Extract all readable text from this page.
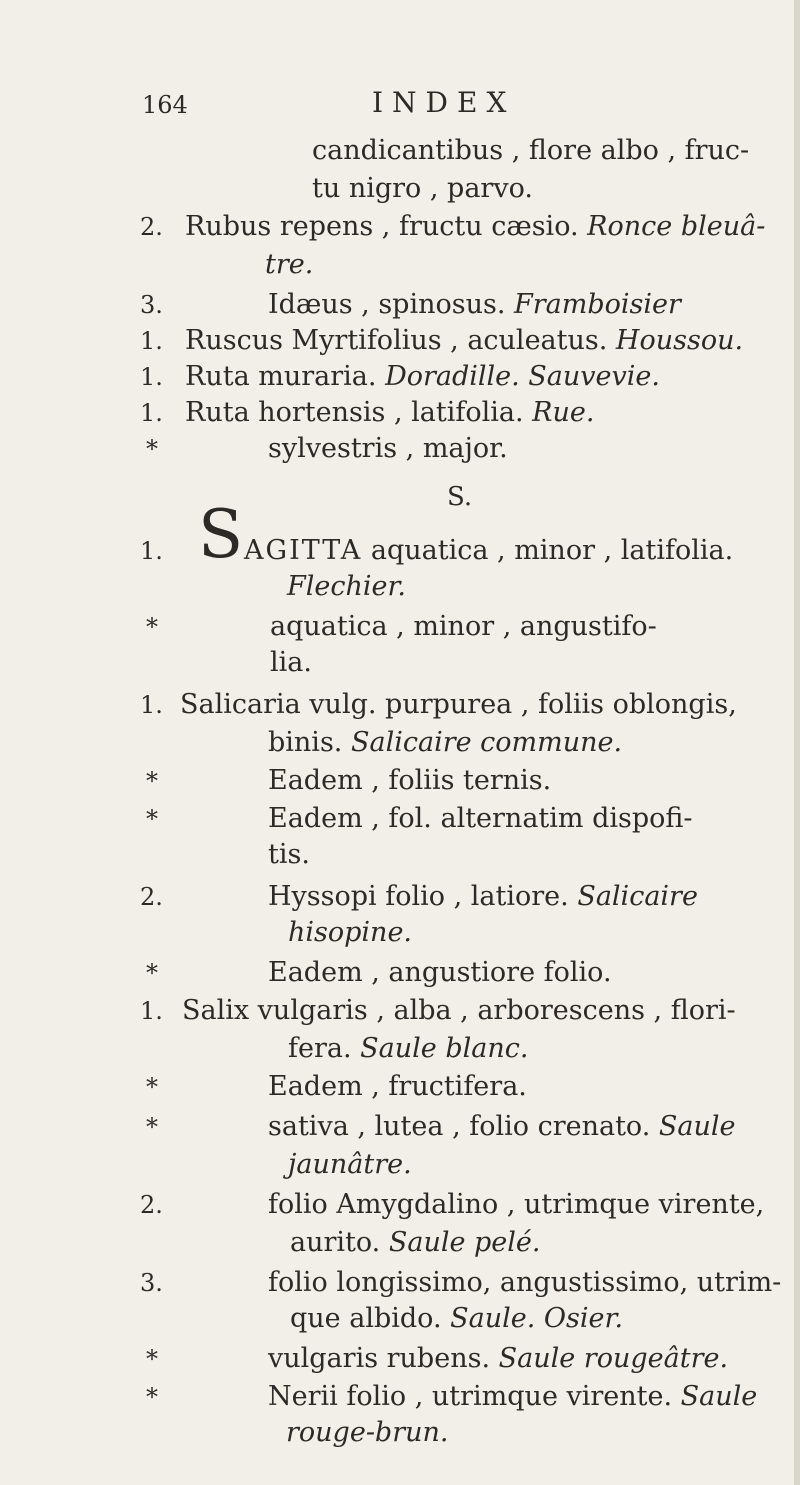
164	INDEX
candicantibus , flore albo , fruc-
tu nigro , parvo.
2. Rubus repens , fructu cæsio. Ronce bleuâ-
tre.
3.	Idæus , spinosus. Framboisier
1. Ruscus Myrtifolius , aculeatus. Houssou.
1. Ruta muraria. Doradille. Sauvevie.
1. Ruta hortensis , latifolia. Rue.
*	sylvestris , major.
S.
1. S AGITTA aquatica , minor , latifolia.
Flechier.
*	aquatica , minor , angustifo-
lia.
1. Salicaria vulg. purpurea , foliis oblongis,
binis. Salicaire commune.
*	Eadem , foliis ternis.
*	Eadem , fol. alternatim dispofi-
tis.
2.	Hyssopi folio , latiore. Salicaire
hisopine.
*	Eadem , angustiore folio.
1. Salix vulgaris , alba , arborescens , flori-
fera. Saule blanc.
*	Eadem , fructifera.
*	sativa , lutea , folio crenato. Saule
jaunâtre.
2.	folio Amygdalino , utrimque virente,
aurito. Saule pelé.
3.	folio longissimo, angustissimo, utrim-
que albido. Saule. Osier.
*	vulgaris rubens. Saule rougeâtre.
*	Nerii folio , utrimque virente. Saule
rouge-brun.
